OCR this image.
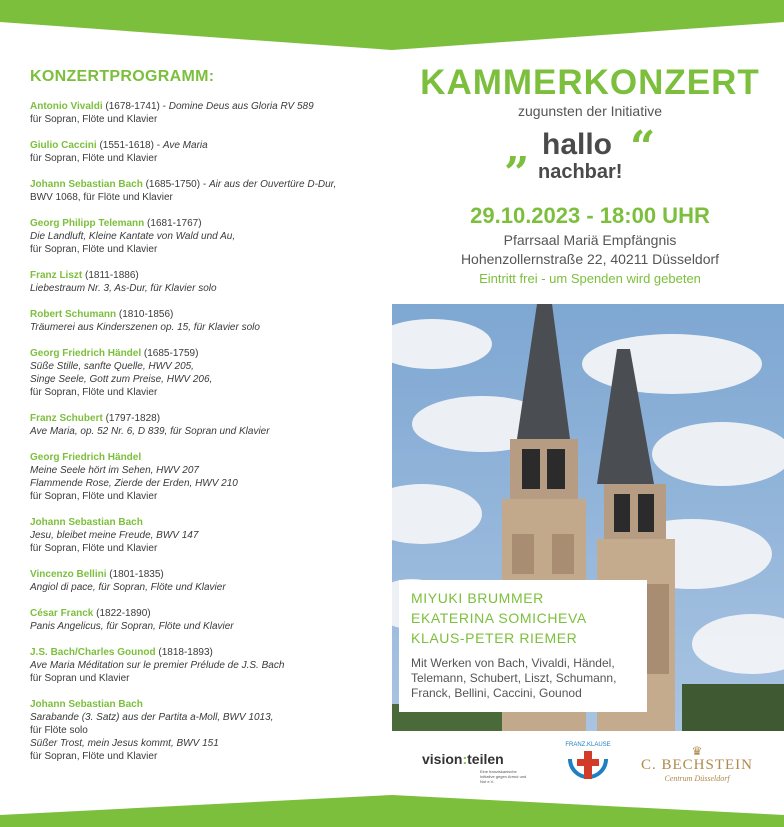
KONZERTPROGRAMM:
Antonio Vivaldi (1678-1741) - Domine Deus aus Gloria RV 589
für Sopran, Flöte und Klavier
Giulio Caccini (1551-1618) - Ave Maria
für Sopran, Flöte und Klavier
Johann Sebastian Bach (1685-1750) - Air aus der Ouvertüre D-Dur,
BWV 1068, für Flöte und Klavier
Georg Philipp Telemann (1681-1767)
Die Landluft, Kleine Kantate von Wald und Au,
für Sopran, Flöte und Klavier
Franz Liszt (1811-1886)
Liebestraum Nr. 3, As-Dur, für Klavier solo
Robert Schumann (1810-1856)
Träumerei aus Kinderszenen op. 15, für Klavier solo
Georg Friedrich Händel (1685-1759)
Süße Stille, sanfte Quelle, HWV 205,
Singe Seele, Gott zum Preise, HWV 206,
für Sopran, Flöte und Klavier
Franz Schubert (1797-1828)
Ave Maria, op. 52 Nr. 6, D 839, für Sopran und Klavier
Georg Friedrich Händel
Meine Seele hört im Sehen, HWV 207
Flammende Rose, Zierde der Erden, HWV 210
für Sopran, Flöte und Klavier
Johann Sebastian Bach
Jesu, bleibet meine Freude, BWV 147
für Sopran, Flöte und Klavier
Vincenzo Bellini (1801-1835)
Angiol di pace, für Sopran, Flöte und Klavier
César Franck (1822-1890)
Panis Angelicus, für Sopran, Flöte und Klavier
J.S. Bach/Charles Gounod (1818-1893)
Ave Maria Méditation sur le premier Prélude de J.S. Bach
für Sopran und Klavier
Johann Sebastian Bach
Sarabande (3. Satz) aus der Partita a-Moll, BWV 1013,
für Flöte solo
Süßer Trost, mein Jesus kommt, BWV 151
für Sopran, Flöte und Klavier
KAMMERKONZERT
zugunsten der Initiative
hallo
nachbar!
”
“
29.10.2023 - 18:00 UHR
Pfarrsaal Mariä Empfängnis
Hohenzollernstraße 22, 40211 Düsseldorf
Eintritt frei - um Spenden wird gebeten
MIYUKI BRUMMER
EKATERINA SOMICHEVA
KLAUS-PETER RIEMER
Mit Werken von Bach, Vivaldi, Händel, Telemann, Schubert, Liszt, Schumann, Franck, Bellini, Caccini, Gounod
vision:teilen
Eine franziskanische Initiative gegen Armut und Not e.V.
FRANZ.KLAUSE	♛
C. BECHSTEIN
Centrum Düsseldorf
